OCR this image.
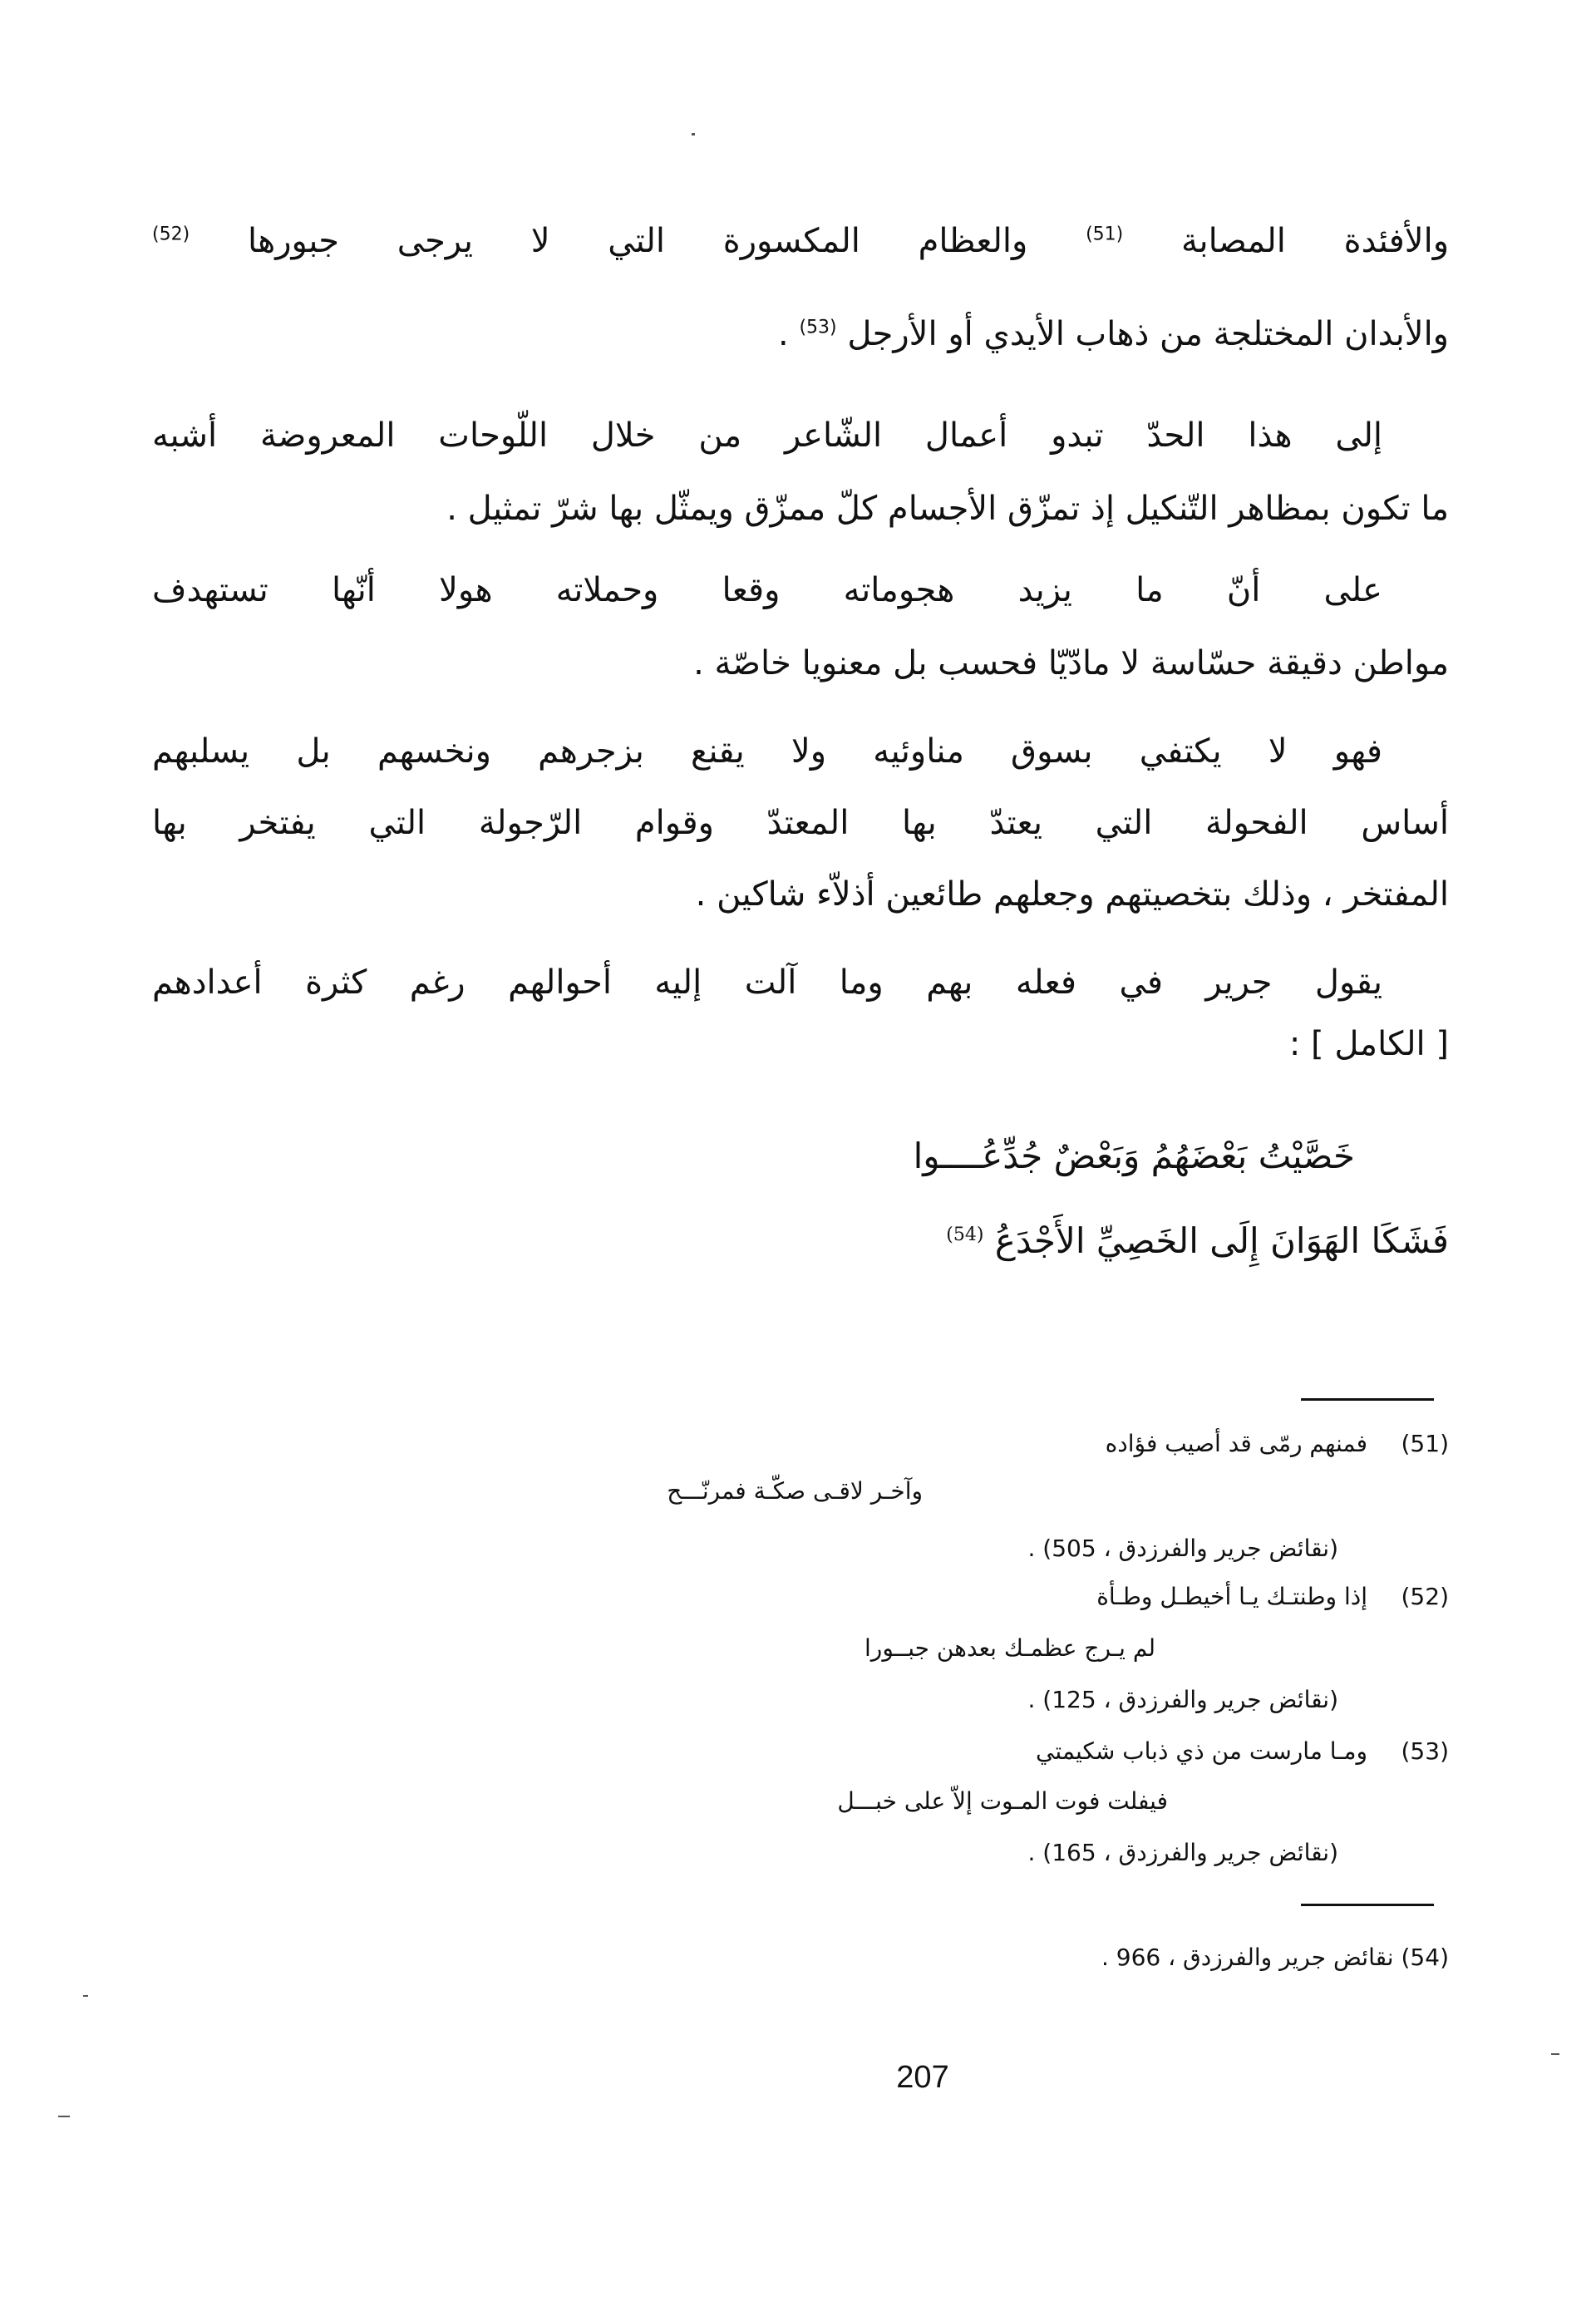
والأفئدة المصابة $^{(51)}$ والعظام المكسورة التي لا يرجى جبورها $^{(52)}$
والأبدان المختلجة من ذهاب الأيدي أو الأرجل $^{(53)}$ .
إلى هذا الحدّ تبدو أعمال الشّاعر من خلال اللّوحات المعروضة أشبه
ما تكون بمظاهر التّنكيل إذ تمزّق الأجسام كلّ ممزّق ويمثّل بها شرّ تمثيل .
على أنّ ما يزيد هجوماته وقعا وحملاته هولا أنّها تستهدف
مواطن دقيقة حسّاسة لا مادّيّا فحسب بل معنويا خاصّة .
فهو لا يكتفي بسوق مناوئيه ولا يقنع بزجرهم ونخسهم بل يسلبهم
أساس الفحولة التي يعتدّ بها المعتدّ وقوام الرّجولة التي يفتخر بها
المفتخر ، وذلك بتخصيتهم وجعلهم طائعين أذلاّء شاكين .
يقول جرير في فعله بهم وما آلت إليه أحوالهم رغم كثرة أعدادهم
[ الكامل ] :
خَصَّيْتُ بَعْضَهُمُ وَبَعْضٌ جُدِّعُــــوا
فَشَكَا الهَوَانَ إِلَى الخَصِيِّ الأَجْدَعُ $^{(54)}$
(51)
فمنهم رمّى قد أصيب فؤاده
وآخـر لاقـى صكّـة فمرنّـــح
(نقائض جرير والفرزدق ، 505) .
(52)
إذا وطنتـك يـا أخيطـل وطـأة
لم يـرج عظمـك بعدهن جبــورا
(نقائض جرير والفرزدق ، 125) .
(53)
ومـا مارست من ذي ذباب شكيمتي
فيفلت فوت المـوت إلاّ على خبـــل
(نقائض جرير والفرزدق ، 165) .
(54) نقائض جرير والفرزدق ، 966 .
207
